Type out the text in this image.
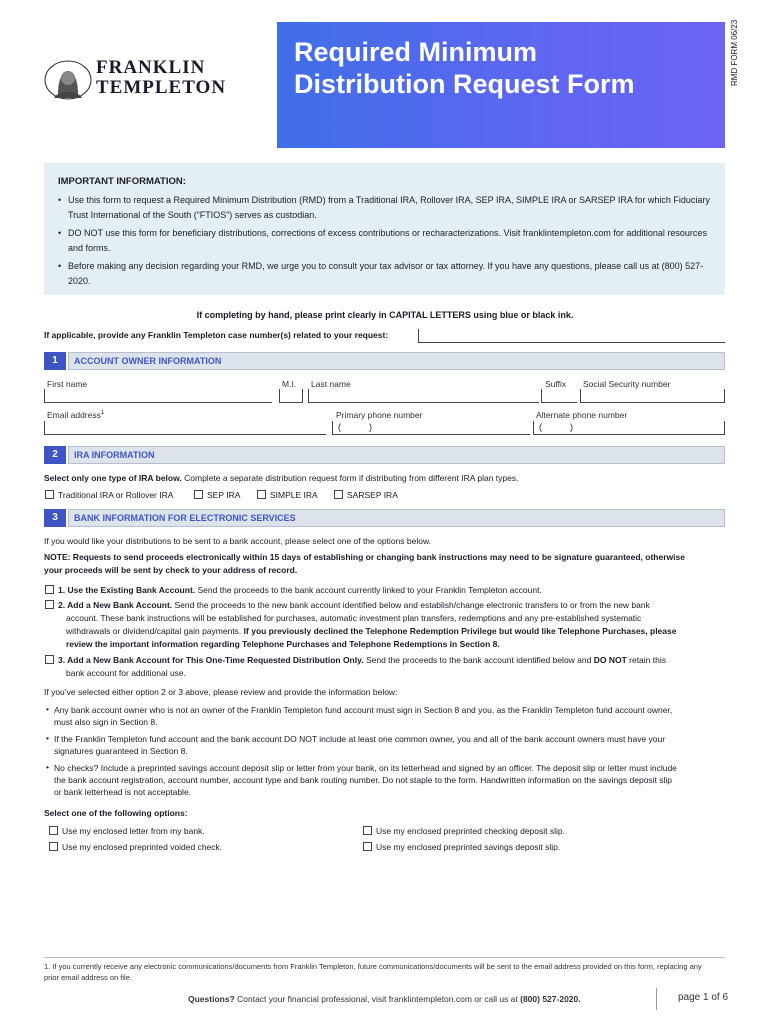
FRANKLIN
TEMPLETON
Required Minimum
Distribution Request Form	RMD FORM 06/23
IMPORTANT INFORMATION:
• Use this form to request a Required Minimum Distribution (RMD) from a Traditional IRA, Rollover IRA, SEP IRA, SIMPLE IRA or SARSEP IRA for which Fiduciary Trust International of the South (“FTIOS”) serves as custodian.
• DO NOT use this form for beneficiary distributions, corrections of excess contributions or recharacterizations. Visit franklintempleton.com for additional resources and forms.
• Before making any decision regarding your RMD, we urge you to consult your tax advisor or tax attorney. If you have any questions, please call us at (800) 527-2020.
If completing by hand, please print clearly in CAPITAL LETTERS using blue or black ink.
If applicable, provide any Franklin Templeton case number(s) related to your request:
1	ACCOUNT OWNER INFORMATION
First name	M.I. Last name	Suffix Social Security number
Email address$^1$	Primary phone number
(	)
Alternate phone number
(	)
2	IRA INFORMATION
Select only one type of IRA below. Complete a separate distribution request form if distributing from different IRA plan types.
Traditional IRA or Rollover IRA	SEP IRA	SIMPLE IRA	SARSEP IRA
3	BANK INFORMATION FOR ELECTRONIC SERVICES
If you would like your distributions to be sent to a bank account, please select one of the options below.
NOTE: Requests to send proceeds electronically within 15 days of establishing or changing bank instructions may need to be signature guaranteed, otherwise
your proceeds will be sent by check to your address of record.
1. Use the Existing Bank Account. Send the proceeds to the bank account currently linked to your Franklin Templeton account.
2. Add a New Bank Account. Send the proceeds to the new bank account identified below and establish/change electronic transfers to or from the new bank
account. These bank instructions will be established for purchases, automatic investment plan transfers, redemptions and any pre-established systematic
withdrawals or dividend/capital gain payments. If you previously declined the Telephone Redemption Privilege but would like Telephone Purchases, please
review the important information regarding Telephone Purchases and Telephone Redemptions in Section 8.
3. Add a New Bank Account for This One-Time Requested Distribution Only. Send the proceeds to the bank account identified below and DO NOT retain this
bank account for additional use.
If you’ve selected either option 2 or 3 above, please review and provide the information below:
• Any bank account owner who is not an owner of the Franklin Templeton fund account must sign in Section 8 and you, as the Franklin Templeton fund account owner,
must also sign in Section 8.
• If the Franklin Templeton fund account and the bank account DO NOT include at least one common owner, you and all of the bank account owners must have your
signatures guaranteed in Section 8.
• No checks? Include a preprinted savings account deposit slip or letter from your bank, on its letterhead and signed by an officer. The deposit slip or letter must include
the bank account registration, account number, account type and bank routing number. Do not staple to the form. Handwritten information on the savings deposit slip
or bank letterhead is not acceptable.
Select one of the following options:
Use my enclosed letter from my bank.
Use my enclosed preprinted voided check.
Use my enclosed preprinted checking deposit slip.
Use my enclosed preprinted savings deposit slip.
1. If you currently receive any electronic communications/documents from Franklin Templeton, future communications/documents will be sent to the email address provided on this form, replacing any
prior email address on file.
Questions? Contact your financial professional, visit franklintempleton.com or call us at (800) 527-2020.	page 1 of 6
